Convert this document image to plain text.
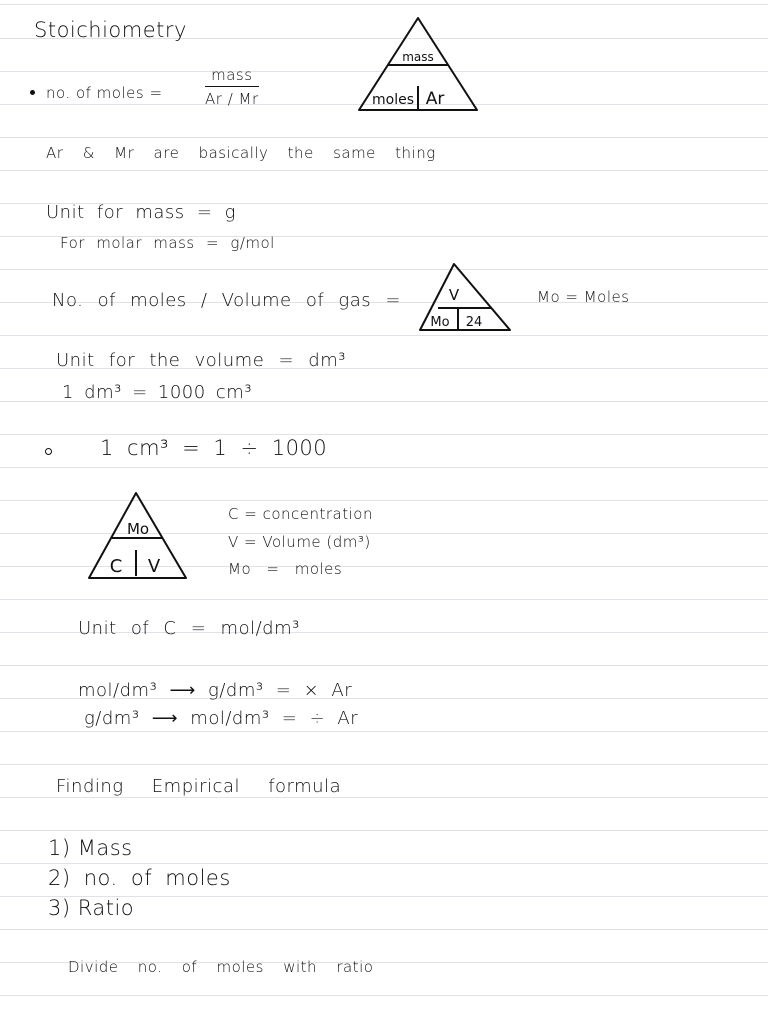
Stoichiometry
no. of moles =
mass
Ar / Mr
mass
moles Ar
Ar & Mr are basically the same thing
Unit for mass = g
For molar mass = g/mol
No. of moles / Volume of gas =	V
Mo 24
Mo = Moles
Unit for the volume = dm³
1 dm³ = 1000 cm³
1 cm³ = 1 ÷ 1000
Mo
C V
C = concentration
V = Volume (dm³)
Mo = moles
Unit of C = mol/dm³
mol/dm³ ⟶ g/dm³ = × Ar
g/dm³ ⟶ mol/dm³ = ÷ Ar
Finding Empirical formula
1) Mass
2) no. of moles
3) Ratio
Divide no. of moles with ratio
